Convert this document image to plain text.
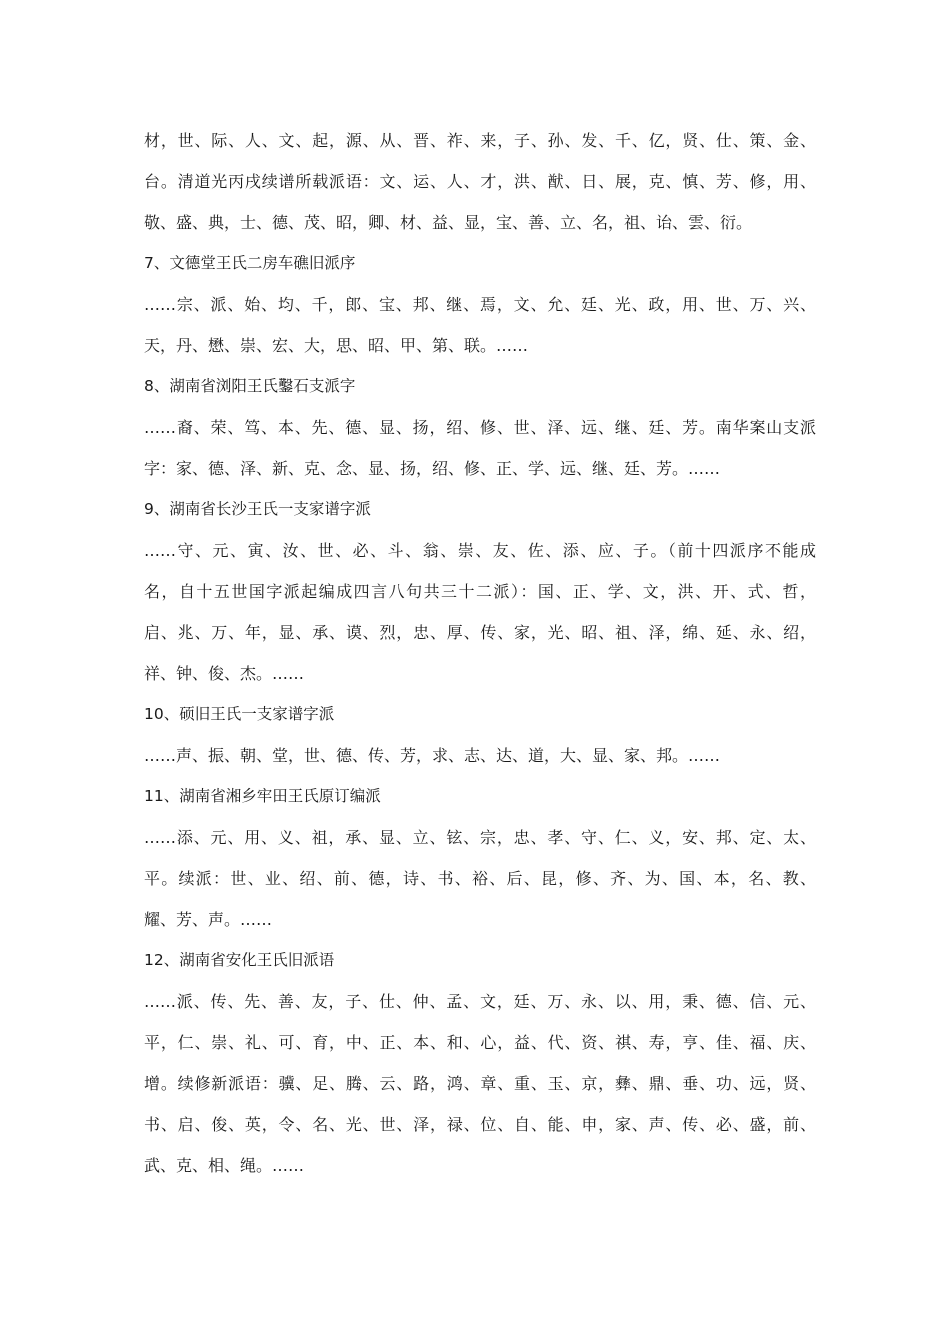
材，世、际、人、文、起，源、从、晋、祚、来，子、孙、发、千、亿，贤、仕、策、金、
台。清道光丙戌续谱所载派语：文、运、人、才，洪、猷、日、展，克、慎、芳、修，用、
敬、盛、典，士、德、茂、昭，卿、材、益、显，宝、善、立、名，祖、诒、雲、衍。
7、文德堂王氏二房车礁旧派序
……宗、派、始、均、千，郎、宝、邦、继、焉，文、允、廷、光、政，用、世、万、兴、
天，丹、懋、崇、宏、大，思、昭、甲、第、联。……
8、湖南省浏阳王氏鑿石支派字
……裔、荣、笃、本、先、德、显、扬，绍、修、世、泽、远、继、廷、芳。南华案山支派
字：家、德、泽、新、克、念、显、扬，绍、修、正、学、远、继、廷、芳。……
9、湖南省长沙王氏一支家谱字派
……守、元、寅、汝、世、必、斗、翁、崇、友、佐、添、应、子。（前十四派序不能成
名，自十五世国字派起编成四言八句共三十二派）：国、正、学、文，洪、开、式、哲，
启、兆、万、年，显、承、谟、烈，忠、厚、传、家，光、昭、祖、泽，绵、延、永、绍，
祥、钟、俊、杰。……
10、硕旧王氏一支家谱字派
……声、振、朝、堂，世、德、传、芳，求、志、达、道，大、显、家、邦。……
11、湖南省湘乡牢田王氏原订编派
……添、元、用、义、祖，承、显、立、铉、宗，忠、孝、守、仁、义，安、邦、定、太、
平。续派：世、业、绍、前、德，诗、书、裕、后、昆，修、齐、为、国、本，名、教、
耀、芳、声。……
12、湖南省安化王氏旧派语
……派、传、先、善、友，子、仕、仲、孟、文，廷、万、永、以、用，秉、德、信、元、
平，仁、崇、礼、可、育，中、正、本、和、心，益、代、资、祺、寿，亨、佳、福、庆、
增。续修新派语：骥、足、腾、云、路，鸿、章、重、玉、京，彝、鼎、垂、功、远，贤、
书、启、俊、英，令、名、光、世、泽，禄、位、自、能、申，家、声、传、必、盛，前、
武、克、相、绳。……
